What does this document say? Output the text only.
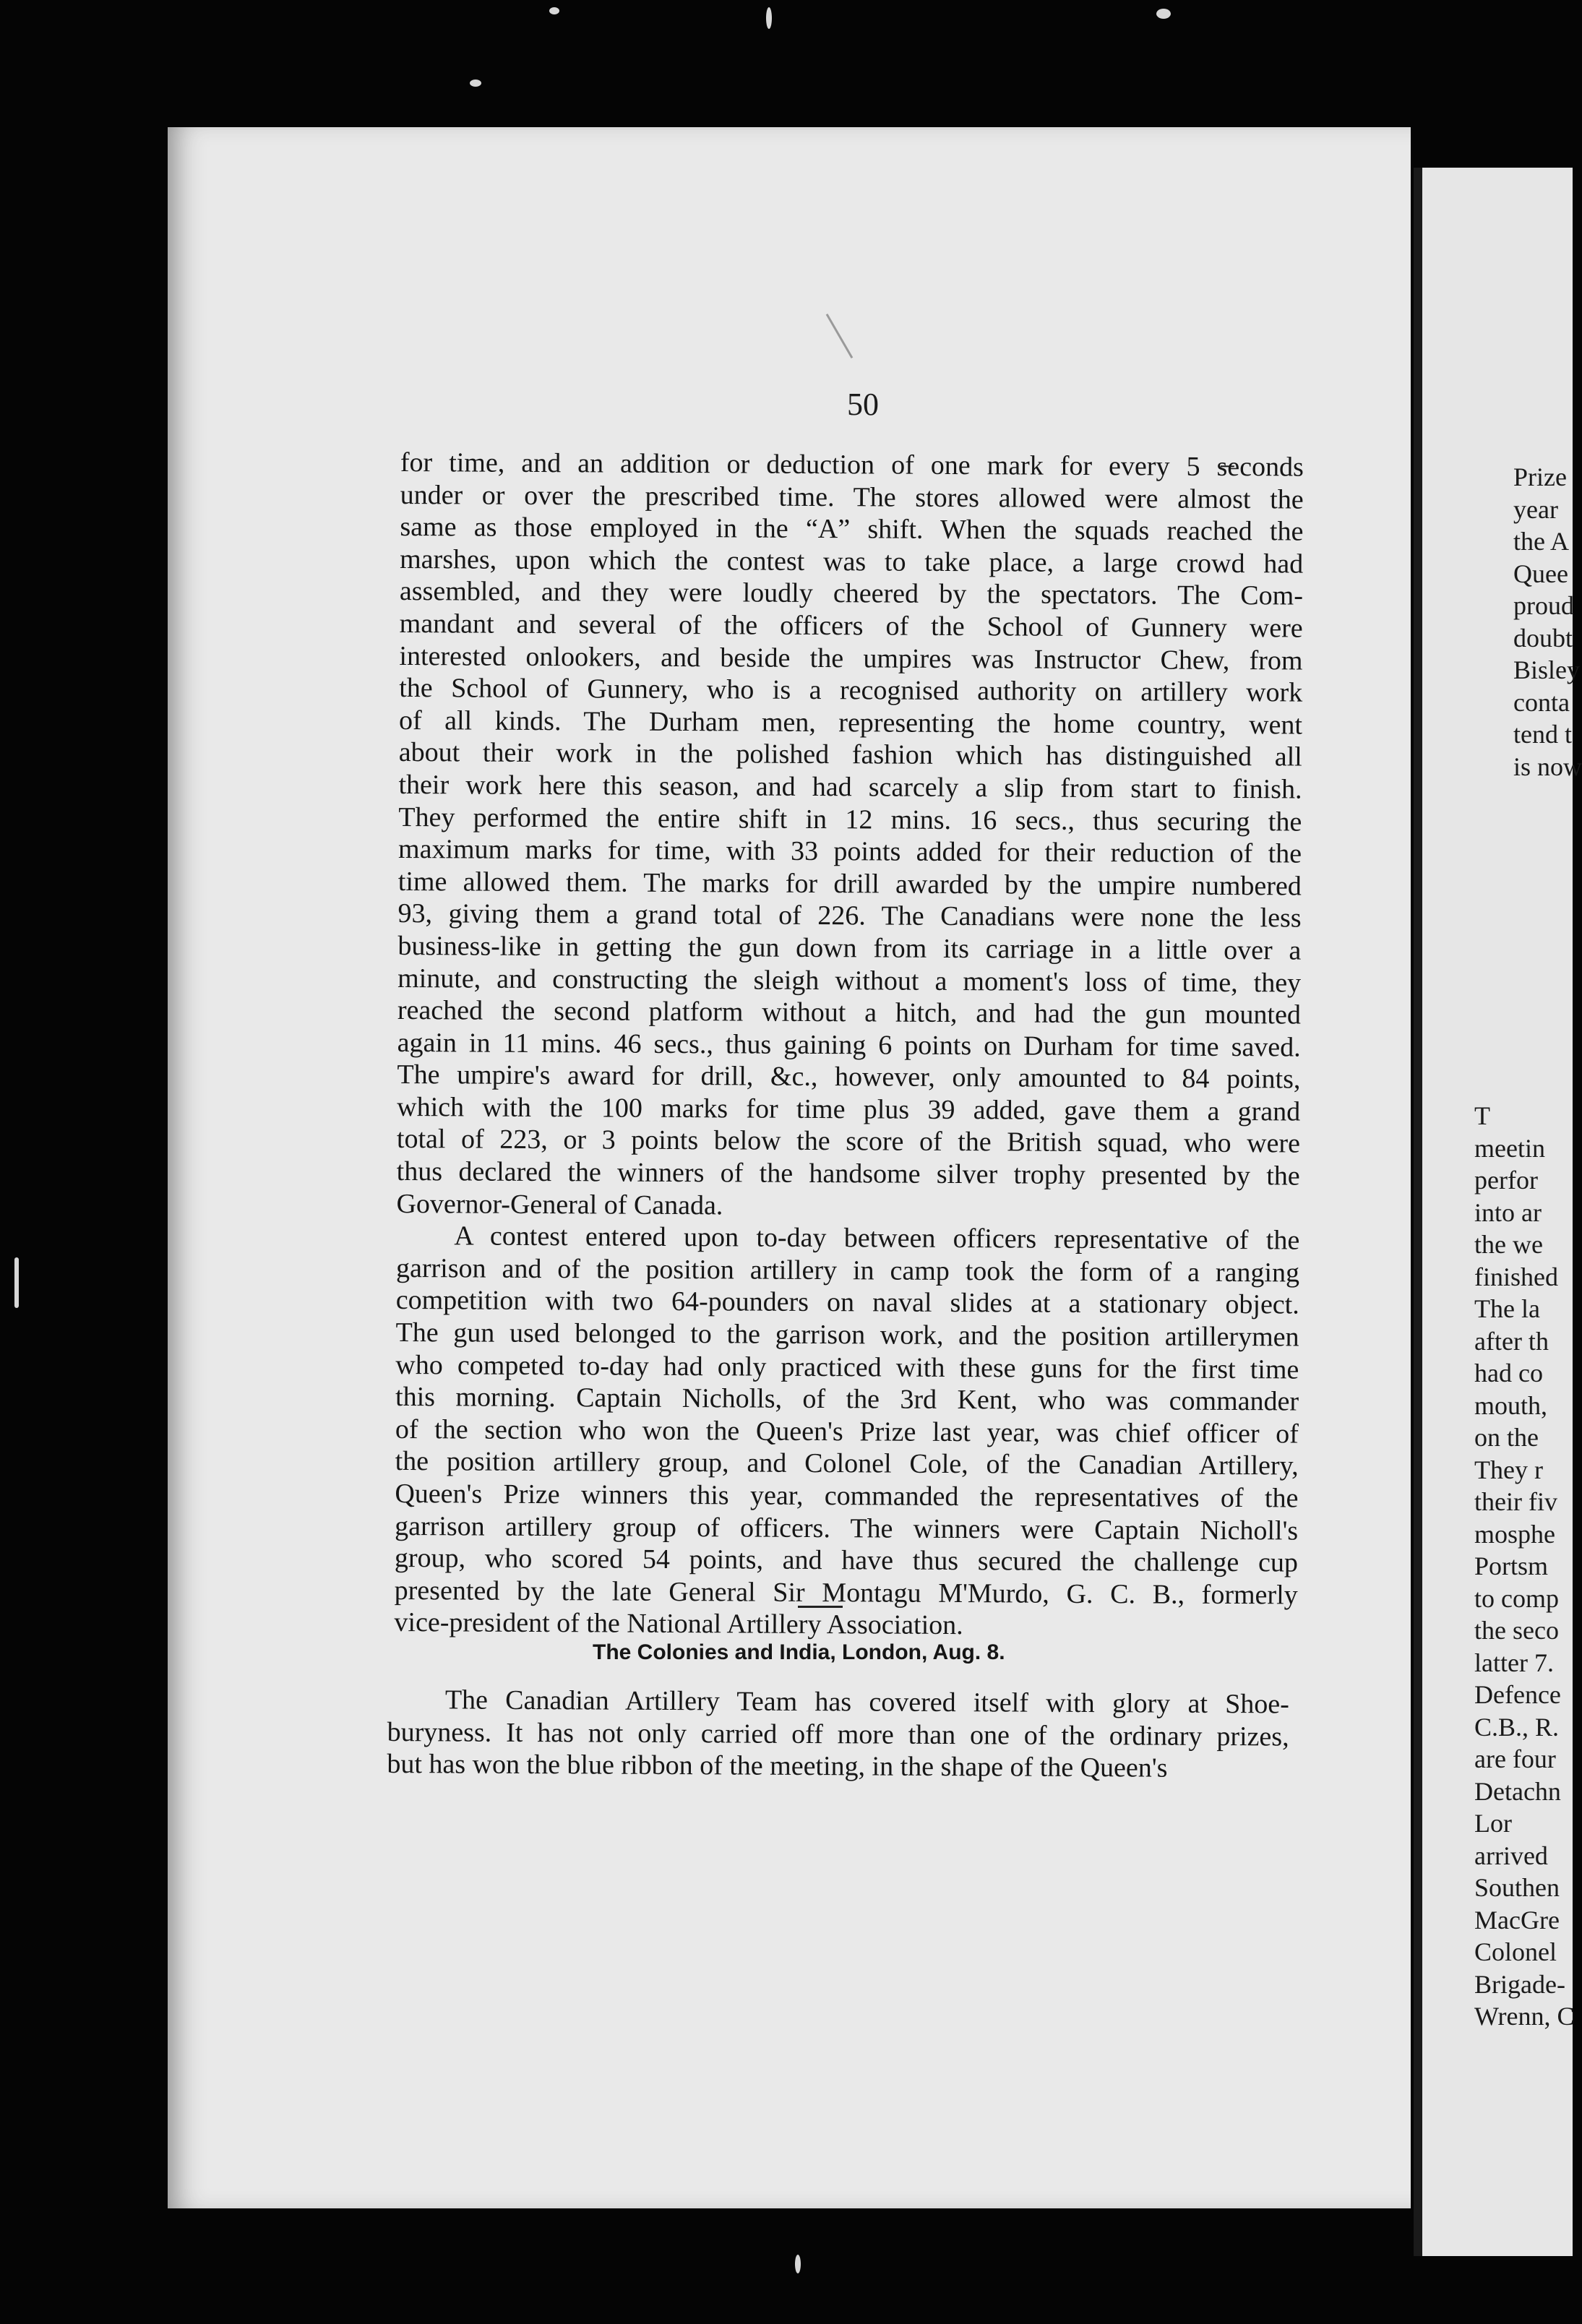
Prize
year
the A
Quee
proud
doubt
Bisley
conta
tend t
is now
T
meetin
perfor
into ar
the we
finished
The la
after th
had co
mouth,
on the
They r
their fiv
mosphe
Portsm
to comp
the seco
latter 7.
Defence
C.B., R.
are four
Detachn
Lor
arrived
Southen
MacGre
Colonel
Brigade-
Wrenn, C
50
for time, and an addition or deduction of one mark for every 5 s̶econds
under or over the prescribed time. The stores allowed were almost the
same as those employed in the “A” shift. When the squads reached the
marshes, upon which the contest was to take place, a large crowd had
assembled, and they were loudly cheered by the spectators. The Com-
mandant and several of the officers of the School of Gunnery were
interested onlookers, and beside the umpires was Instructor Chew, from
the School of Gunnery, who is a recognised authority on artillery work
of all kinds. The Durham men, representing the home country, went
about their work in the polished fashion which has distinguished all
their work here this season, and had scarcely a slip from start to finish.
They performed the entire shift in 12 mins. 16 secs., thus securing the
maximum marks for time, with 33 points added for their reduction of the
time allowed them. The marks for drill awarded by the umpire numbered
93, giving them a grand total of 226. The Canadians were none the less
business-like in getting the gun down from its carriage in a little over a
minute, and constructing the sleigh without a moment's loss of time, they
reached the second platform without a hitch, and had the gun mounted
again in 11 mins. 46 secs., thus gaining 6 points on Durham for time saved.
The umpire's award for drill, &c., however, only amounted to 84 points,
which with the 100 marks for time plus 39 added, gave them a grand
total of 223, or 3 points below the score of the British squad, who were
thus declared the winners of the handsome silver trophy presented by the
Governor-General of Canada.
A contest entered upon to-day between officers representative of the
garrison and of the position artillery in camp took the form of a ranging
competition with two 64-pounders on naval slides at a stationary object.
The gun used belonged to the garrison work, and the position artillerymen
who competed to-day had only practiced with these guns for the first time
this morning. Captain Nicholls, of the 3rd Kent, who was commander
of the section who won the Queen's Prize last year, was chief officer of
the position artillery group, and Colonel Cole, of the Canadian Artillery,
Queen's Prize winners this year, commanded the representatives of the
garrison artillery group of officers. The winners were Captain Nicholl's
group, who scored 54 points, and have thus secured the challenge cup
presented by the late General Sir Montagu M'Murdo, G. C. B., formerly
vice-president of the National Artillery Association.
The Colonies and India, London, Aug. 8.
The Canadian Artillery Team has covered itself with glory at Shoe-
buryness. It has not only carried off more than one of the ordinary prizes,
but has won the blue ribbon of the meeting, in the shape of the Queen's
